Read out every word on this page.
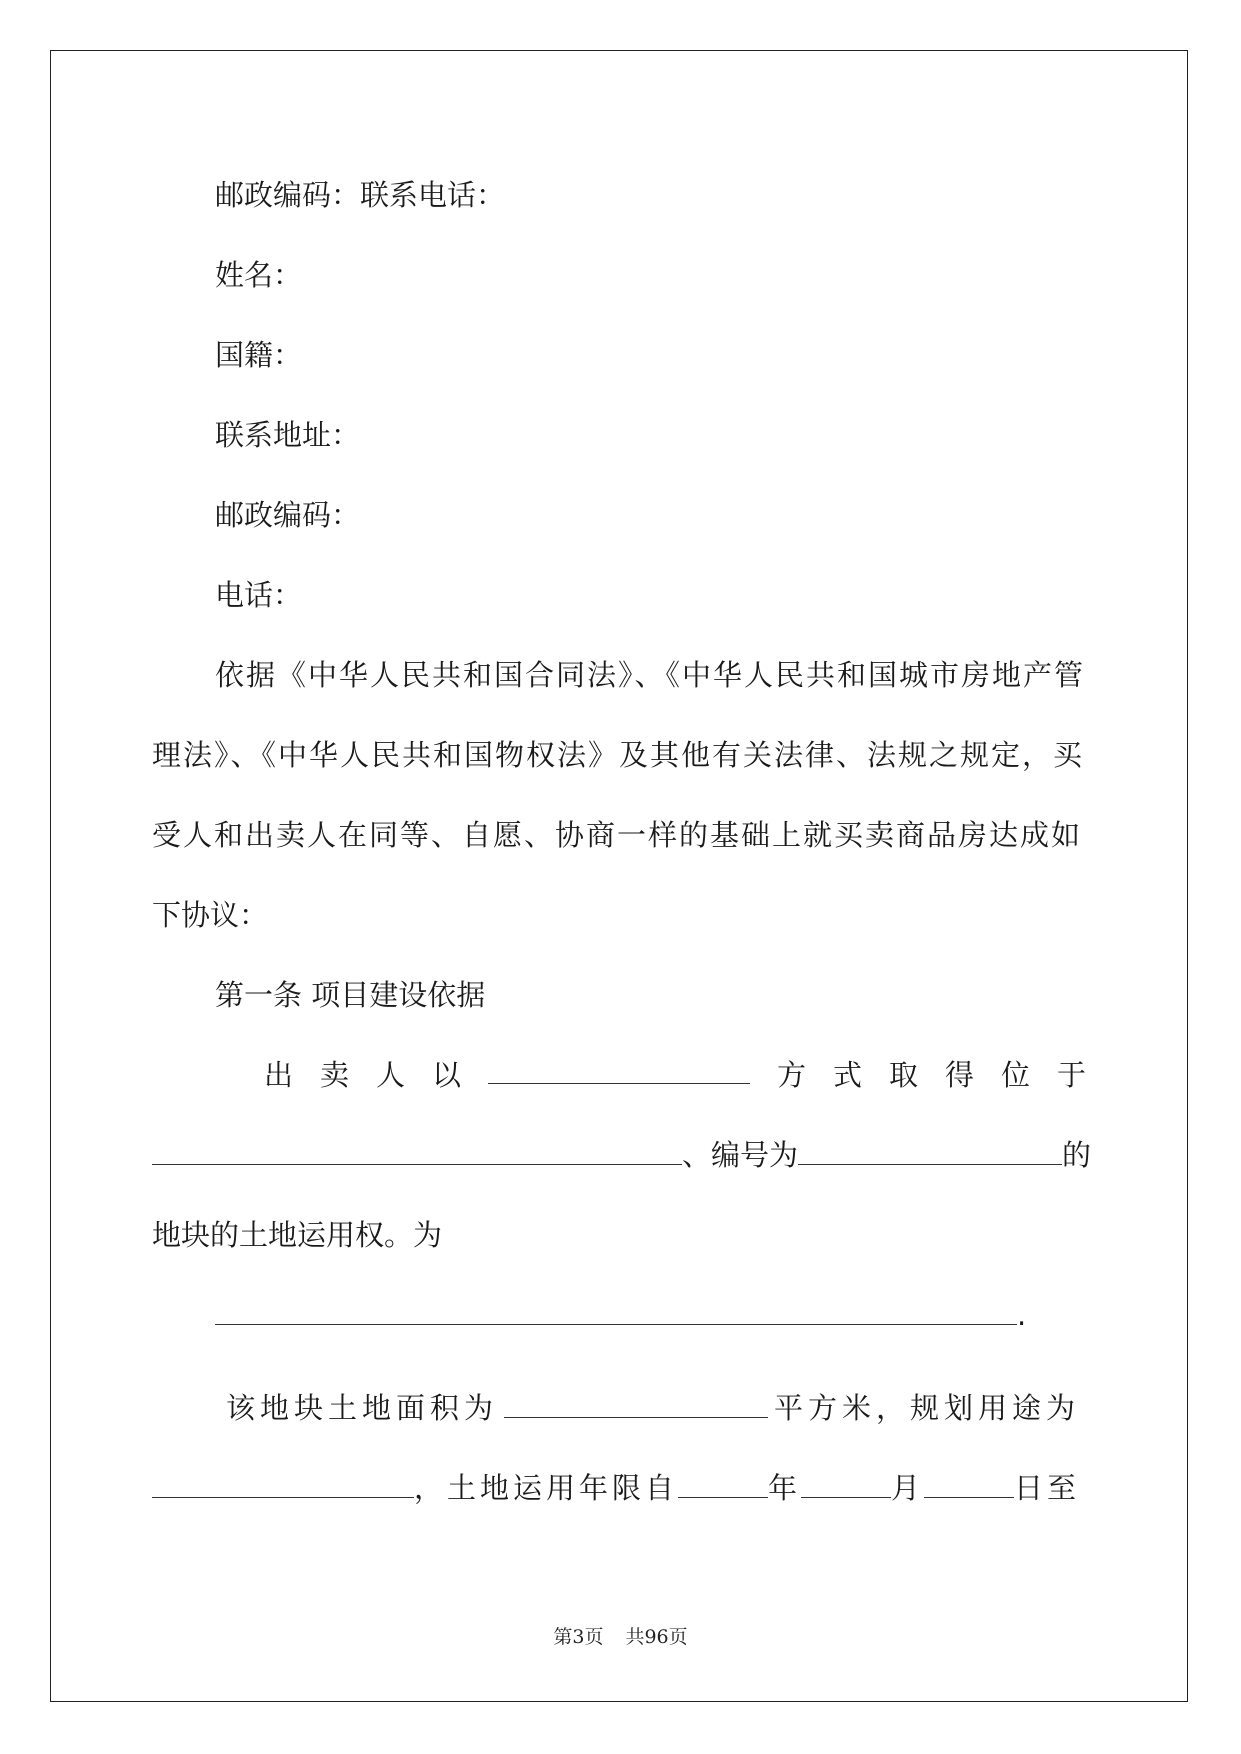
邮政编码：联系电话：
姓名：
国籍：
联系地址：
邮政编码：
电话：
依据《中华人民共和国合同法》、《中华人民共和国城市房地产管
理法》、《中华人民共和国物权法》及其他有关法律、法规之规定，买
受人和出卖人在同等、自愿、协商一样的基础上就买卖商品房达成如
下协议：
第一条 项目建设依据
出 卖 人 以	方 式 取 得 位 于
、编号为	的
地块的土地运用权。为
.
该地块土地面积为	平方米，规划用途为
，土地运用年限自	年	月	日至
第3页 共96页
